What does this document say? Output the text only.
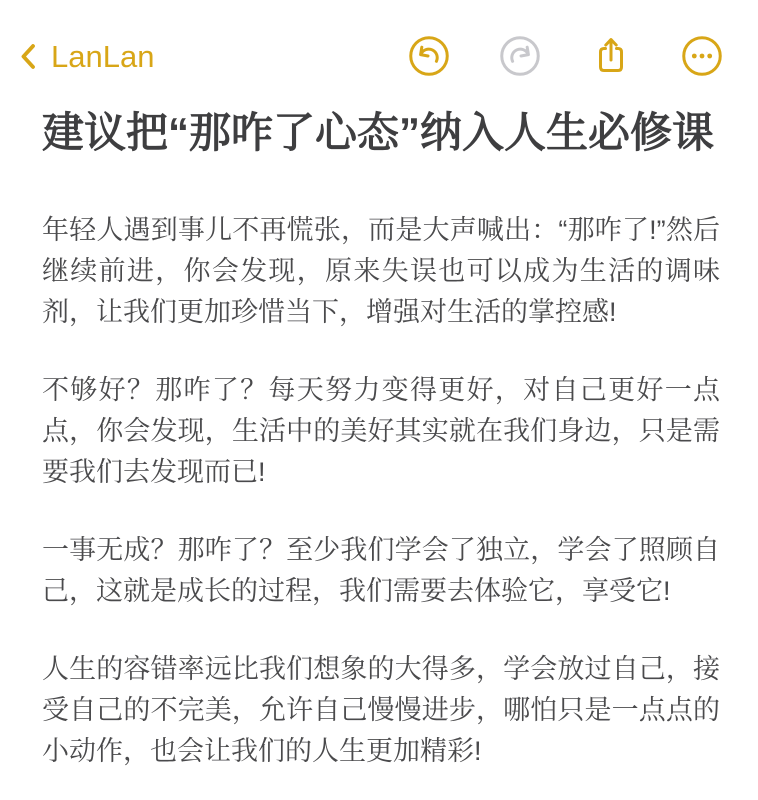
LanLan
建议把“那咋了心态”纳入人生必修课

年轻人遇到事儿不再慌张，而是大声喊出：“那咋了!”然后继续前进，你会发现，原来失误也可以成为生活的调味剂，让我们更加珍惜当下，增强对生活的掌控感!

不够好？那咋了？每天努力变得更好，对自己更好一点点，你会发现，生活中的美好其实就在我们身边，只是需要我们去发现而已!

一事无成？那咋了？至少我们学会了独立，学会了照顾自己，这就是成长的过程，我们需要去体验它，享受它!

人生的容错率远比我们想象的大得多，学会放过自己，接受自己的不完美，允许自己慢慢进步，哪怕只是一点点的小动作，也会让我们的人生更加精彩!
